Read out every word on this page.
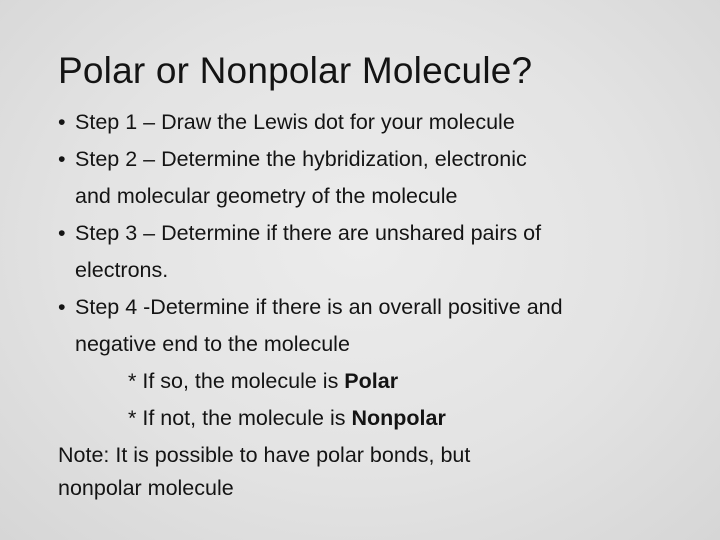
Polar or Nonpolar Molecule?
• Step 1 – Draw the Lewis dot for your molecule
• Step 2 – Determine the hybridization, electronic
and molecular geometry of the molecule
• Step 3 – Determine if there are unshared pairs of
electrons.
• Step 4 -Determine if there is an overall positive and
negative end to the molecule
* If so, the molecule is Polar
* If not, the molecule is Nonpolar
Note: It is possible to have polar bonds, but
nonpolar molecule
